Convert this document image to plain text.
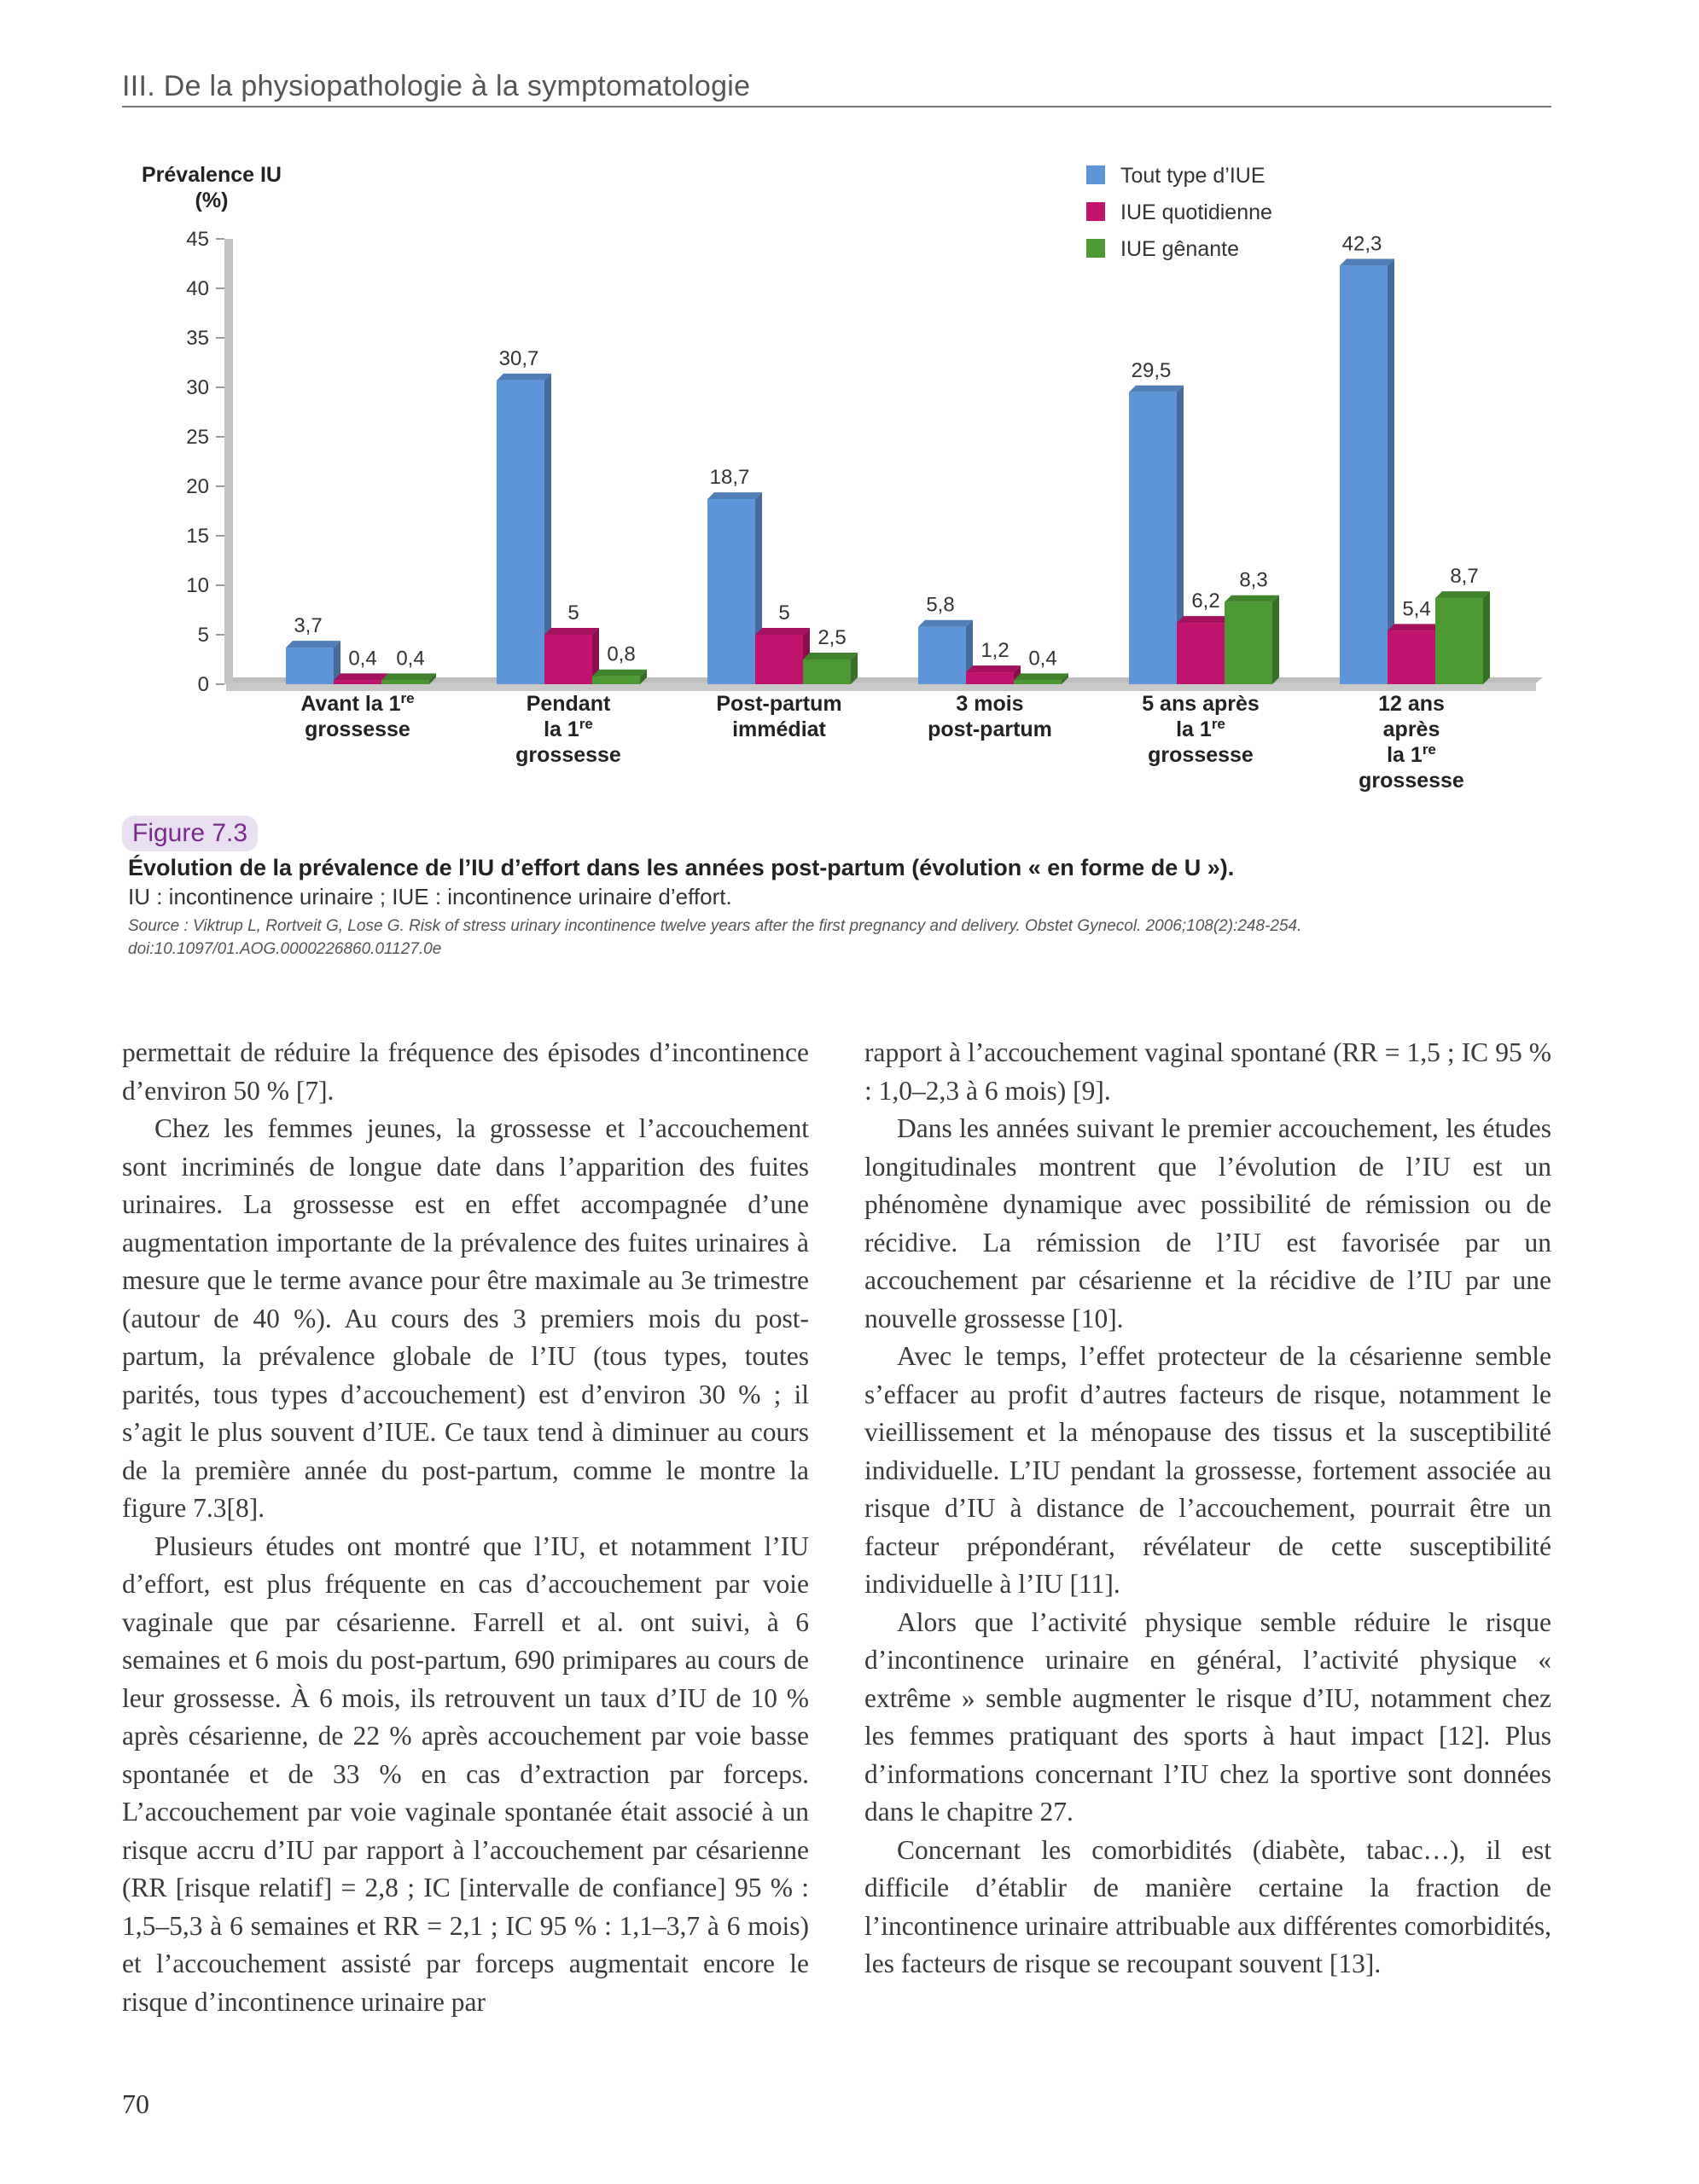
III. De la physiopathologie à la symptomatologie
Prévalence IU
(%)
0
5
10
15
20
25
30
35
40
45
3,7
0,4 0,4
Avant la 1re
grossesse
30,7
5
0,8
Pendant
la 1re
grossesse
18,7
5
2,5
Post-partum
immédiat
5,8
1,2 0,4
3 mois
post-partum
29,5
6,2
8,3
5 ans après
la 1re
grossesse
42,3
5,4
8,7
12 ans
après
la 1re
grossesse
Tout type d’IUE
IUE quotidienne
IUE gênante
Figure 7.3
Évolution de la prévalence de l’IU d’effort dans les années post-partum (évolution « en forme de U »).
IU : incontinence urinaire ; IUE : incontinence urinaire d’effort.
Source : Viktrup L, Rortveit G, Lose G. Risk of stress urinary incontinence twelve years after the first pregnancy and delivery. Obstet Gynecol. 2006;108(2):248-254. doi:10.1097/01.AOG.0000226860.01127.0e

permettait de réduire la fréquence des épisodes d’incontinence d’environ 50 % [7].

Chez les femmes jeunes, la grossesse et l’accouchement sont incriminés de longue date dans l’apparition des fuites urinaires. La grossesse est en effet accompagnée d’une augmentation importante de la prévalence des fuites urinaires à mesure que le terme avance pour être maximale au 3e trimestre (autour de 40 %). Au cours des 3 premiers mois du post-partum, la prévalence globale de l’IU (tous types, toutes parités, tous types d’accouchement) est d’environ 30 % ; il s’agit le plus souvent d’IUE. Ce taux tend à diminuer au cours de la première année du post-partum, comme le montre la figure 7.3[8].

Plusieurs études ont montré que l’IU, et notamment l’IU d’effort, est plus fréquente en cas d’accouchement par voie vaginale que par césarienne. Farrell et al. ont suivi, à 6 semaines et 6 mois du post-partum, 690 primipares au cours de leur grossesse. À 6 mois, ils retrouvent un taux d’IU de 10 % après césarienne, de 22 % après accouchement par voie basse spontanée et de 33 % en cas d’extraction par forceps. L’accouchement par voie vaginale spontanée était associé à un risque accru d’IU par rapport à l’accouchement par césarienne (RR [risque relatif] = 2,8 ; IC [intervalle de confiance] 95 % : 1,5–5,3 à 6 semaines et RR = 2,1 ; IC 95 % : 1,1–3,7 à 6 mois) et l’accouchement assisté par forceps augmentait encore le risque d’incontinence urinaire par

rapport à l’accouchement vaginal spontané (RR = 1,5 ; IC 95 % : 1,0–2,3 à 6 mois) [9].

Dans les années suivant le premier accouchement, les études longitudinales montrent que l’évolution de l’IU est un phénomène dynamique avec possibilité de rémission ou de récidive. La rémission de l’IU est favorisée par un accouchement par césarienne et la récidive de l’IU par une nouvelle grossesse [10].

Avec le temps, l’effet protecteur de la césarienne semble s’effacer au profit d’autres facteurs de risque, notamment le vieillissement et la ménopause des tissus et la susceptibilité individuelle. L’IU pendant la grossesse, fortement associée au risque d’IU à distance de l’accouchement, pourrait être un facteur prépondérant, révélateur de cette susceptibilité individuelle à l’IU [11].

Alors que l’activité physique semble réduire le risque d’incontinence urinaire en général, l’activité physique « extrême » semble augmenter le risque d’IU, notamment chez les femmes pratiquant des sports à haut impact [12]. Plus d’informations concernant l’IU chez la sportive sont données dans le chapitre 27.

Concernant les comorbidités (diabète, tabac…), il est difficile d’établir de manière certaine la fraction de l’incontinence urinaire attribuable aux différentes comorbidités, les facteurs de risque se recoupant souvent [13].

70
